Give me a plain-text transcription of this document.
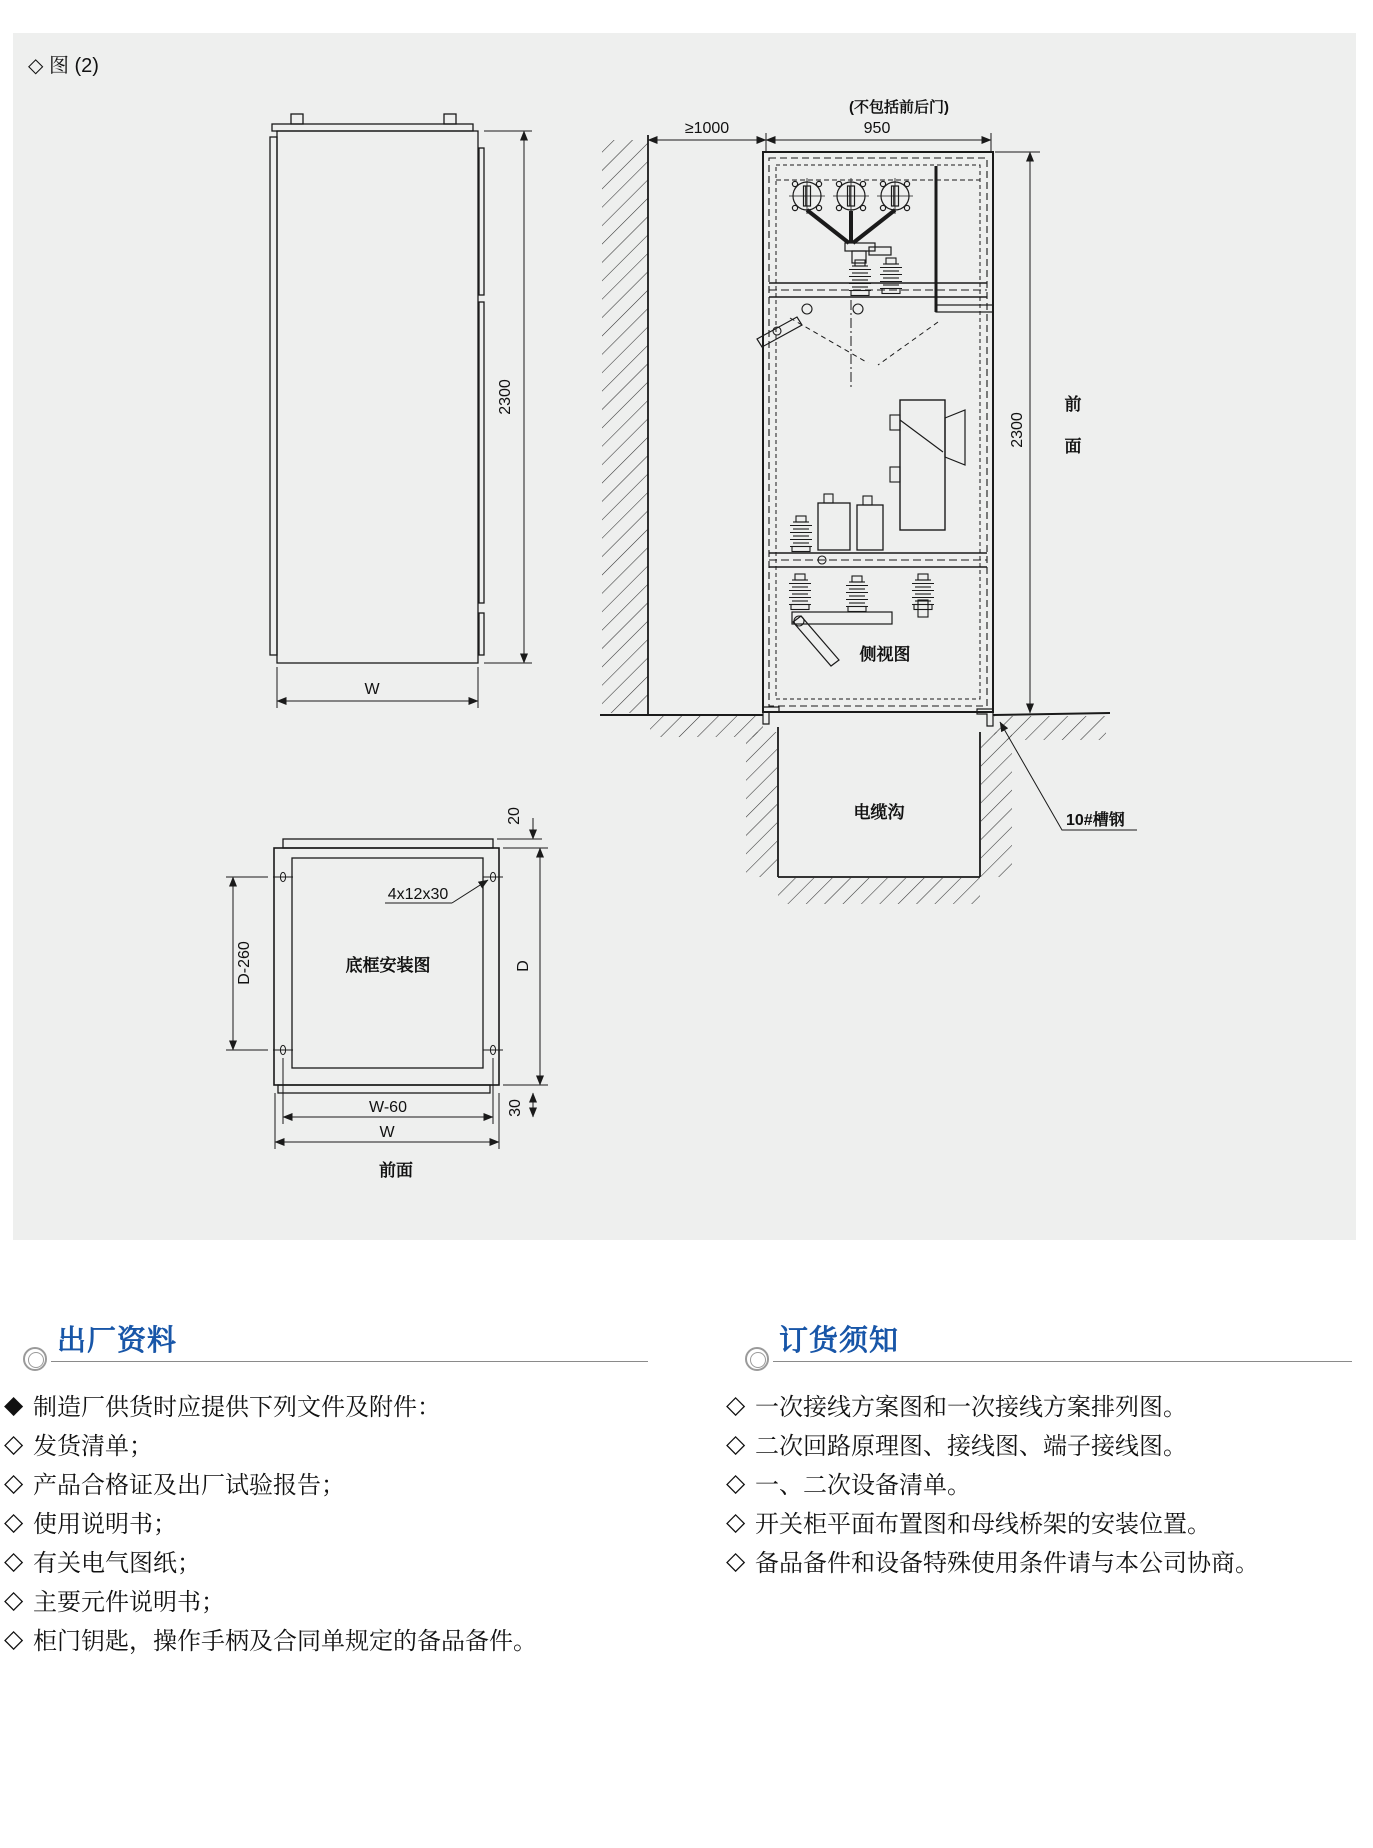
◇ 图 (2)
2300
W
电缆沟
侧视图
≥1000	950
(不包括前后门)
2300
前
面
10#槽钢
4x12x30
D-260	底框安装图
20
D
30
W-60
W
前面
出厂资料
◆ 制造厂供货时应提供下列文件及附件：
◇ 发货清单；
◇ 产品合格证及出厂试验报告；
◇ 使用说明书；
◇ 有关电气图纸；
◇ 主要元件说明书；
◇ 柜门钥匙，操作手柄及合同单规定的备品备件。
订货须知
◇ 一次接线方案图和一次接线方案排列图。
◇ 二次回路原理图、接线图、端子接线图。
◇ 一、二次设备清单。
◇ 开关柜平面布置图和母线桥架的安装位置。
◇ 备品备件和设备特殊使用条件请与本公司协商。
